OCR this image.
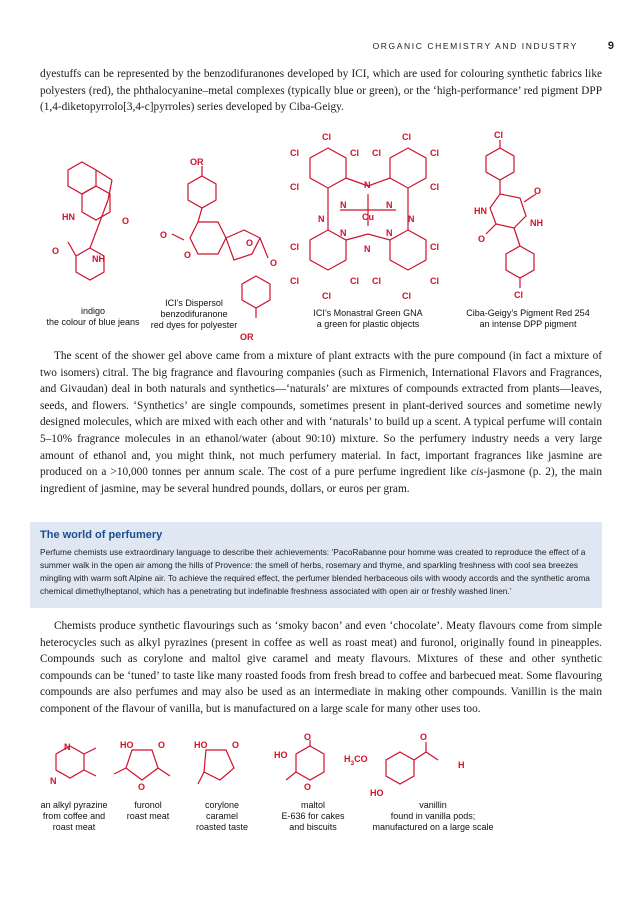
ORGANIC CHEMISTRY AND INDUSTRY	9

dyestuffs can be represented by the benzodifuranones developed by ICI, which are used for colouring synthetic fabrics like polyesters (red), the phthalocyanine–metal complexes (typically blue or green), or the ‘high-performance’ red pigment DPP (1,4-diketopyrrolo[3,4-c]pyrroles) series developed by Ciba-Geigy.

HN	O
O
NH
OR
O
O
O
O
OR
Cl	Cl
Cl	Cl Cl	Cl
Cl	Cl
Cl	Cl
Cl	Cl Cl	Cl
Cl	Cl
N
N	N
N	N
N	N
N
Cu
Cl
O
HN
NH
O
Cl
indigo
the colour of blue jeans
ICI’s Dispersol
benzodifuranone
red dyes for polyester
ICI’s Monastral Green GNA
a green for plastic objects
Ciba-Geigy’s Pigment Red 254
an intense DPP pigment

The scent of the shower gel above came from a mixture of plant extracts with the pure compound (in fact a mixture of two isomers) citral. The big fragrance and flavouring companies (such as Firmenich, International Flavors and Fragrances, and Givaudan) deal in both naturals and synthetics—‘naturals’ are mixtures of compounds extracted from plants—leaves, seeds, and flowers. ‘Synthetics’ are single compounds, sometimes present in plant-derived sources and sometime newly designed molecules, which are mixed with each other and with ‘naturals’ to build up a scent. A typical perfume will contain 5–10% fragrance molecules in an ethanol/water (about 90:10) mixture. So the perfumery industry needs a very large amount of ethanol and, you might think, not much perfumery material. In fact, important fragrances like jasmine are produced on a >10,000 tonnes per annum scale. The cost of a pure perfume ingredient like cis-jasmone (p. 2), the main ingredient of jasmine, may be several hundred pounds, dollars, or euros per gram.

The world of perfumery

Perfume chemists use extraordinary language to describe their achievements: ‘PacoRabanne pour homme was created to reproduce the effect of a summer walk in the open air among the hills of Provence: the smell of herbs, rosemary and thyme, and sparkling freshness with cool sea breezes mingling with warm soft Alpine air. To achieve the required effect, the perfumer blended herbaceous oils with woody accords and the synthetic aroma chemical dimethylheptanol, which has a penetrating but indefinable freshness associated with open air or freshly washed linen.’

Chemists produce synthetic flavourings such as ‘smoky bacon’ and even ‘chocolate’. Meaty flavours come from simple heterocycles such as alkyl pyrazines (present in coffee as well as roast meat) and furonol, originally found in pineapples. Compounds such as corylone and maltol give caramel and meaty flavours. Mixtures of these and other synthetic compounds can be ‘tuned’ to taste like many roasted foods from fresh bread to coffee and barbecued meat. Some flavouring compounds are also perfumes and may also be used as an intermediate in making other compounds. Vanillin is the main component of the flavour of vanilla, but is manufactured on a large scale for many other uses too.

N
N
HO	O
O
HO	O
O
HO
O
O
H
$H_3CO$
HO
an alkyl pyrazine
from coffee and
roast meat
furonol
roast meat
corylone
caramel
roasted taste
maltol
E-636 for cakes
and biscuits
vanillin
found in vanilla pods;
manufactured on a large scale
